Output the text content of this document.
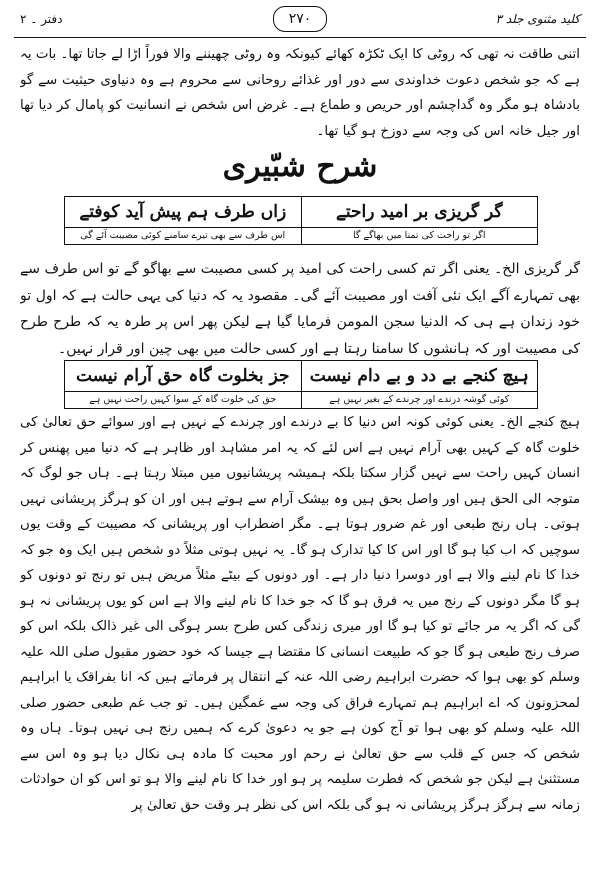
دفتر ۔ ۲	۲۷۰	کلید مثنوی جلد ۳
اتنی طاقت نہ تھی کہ روٹی کا ایک ٹکڑہ کھائے کیونکہ وہ روٹی چھیننے والا فوراً اڑا لے جاتا تھا۔ بات یہ ہے کہ جو شخص دعوت خداوندی سے دور اور غذائے روحانی سے محروم ہے وہ دنیاوی حیثیت سے گو بادشاہ ہو مگر وہ گداچشم اور حریص و طماع ہے۔ غرض اس شخص نے انسانیت کو پامال کر دیا تھا اور جیل خانہ اس کی وجہ سے دوزخ ہو گیا تھا۔
شرح شبّیری
گر گریزی بر امید راحتے
زاں طرف ہم پیش آید کوفتے
اگر تو راحت کی تمنا میں بھاگے گا
اس طرف سے بھی تیرے سامنے کوئی مصیبت آئے گی
گر گریزی الخ۔ یعنی اگر تم کسی راحت کی امید پر کسی مصیبت سے بھاگو گے تو اس طرف سے بھی تمہارے آگے ایک نئی آفت اور مصیبت آئے گی۔ مقصود یہ کہ دنیا کی یہی حالت ہے کہ اول تو خود زندان ہے ہی کہ الدنیا سجن المومن فرمایا گیا ہے لیکن پھر اس پر طرہ یہ کہ طرح طرح کی مصیبت اور کہ ہانشوں کا سامنا رہتا ہے اور کسی حالت میں بھی چین اور قرار نہیں۔
ہیچ کنجے بے دد و بے دام نیست
جز بخلوت گاہ حق آرام نیست
کوئی گوشہ درندے اور چرندے کے بغیر نہیں ہے
حق کی خلوت گاہ کے سوا کہیں راحت نہیں ہے
ہیچ کنجے الخ۔ یعنی کوئی کونہ اس دنیا کا بے درندے اور چرندے کے نہیں ہے اور سوائے حق تعالیٰ کی خلوت گاہ کے کہیں بھی آرام نہیں ہے اس لئے کہ یہ امر مشاہد اور ظاہر ہے کہ دنیا میں پھنس کر انسان کہیں راحت سے نہیں گزار سکتا بلکہ ہمیشہ پریشانیوں میں مبتلا رہتا ہے۔ ہاں جو لوگ کہ متوجہ الی الحق ہیں اور واصل بحق ہیں وہ بیشک آرام سے ہوتے ہیں اور ان کو ہرگز پریشانی نہیں ہوتی۔ ہاں رنج طبعی اور غم ضرور ہوتا ہے۔ مگر اضطراب اور پریشانی کہ مصیبت کے وقت یوں سوچیں کہ اب کیا ہو گا اور اس کا کیا تدارک ہو گا۔ یہ نہیں ہوتی مثلاً دو شخص ہیں ایک وہ جو کہ خدا کا نام لینے والا ہے اور دوسرا دنیا دار ہے۔ اور دونوں کے بیٹے مثلاً مریض ہیں تو رنج تو دونوں کو ہو گا مگر دونوں کے رنج میں یہ فرق ہو گا کہ جو خدا کا نام لینے والا ہے اس کو یوں پریشانی نہ ہو گی کہ اگر یہ مر جائے تو کیا ہو گا اور میری زندگی کس طرح بسر ہوگی الی غیر ذالک بلکہ اس کو صرف رنج طبعی ہو گا جو کہ طبیعت انسانی کا مقتضا ہے جیسا کہ خود حضور مقبول صلی اللہ علیہ وسلم کو بھی ہوا کہ حضرت ابراہیم رضی اللہ عنہ کے انتقال پر فرماتے ہیں کہ انا بفراقک یا ابراہیم لمحزونون کہ اے ابراہیم ہم تمہارے فراق کی وجہ سے غمگین ہیں۔ تو جب غم طبعی حضور صلی اللہ علیہ وسلم کو بھی ہوا تو آج کون ہے جو یہ دعویٰ کرے کہ ہمیں رنج ہی نہیں ہوتا۔ ہاں وہ شخص کہ جس کے قلب سے حق تعالیٰ نے رحم اور محبت کا مادہ ہی نکال دیا ہو وہ اس سے مستثنیٰ ہے لیکن جو شخص کہ فطرت سلیمہ پر ہو اور خدا کا نام لینے والا ہو تو اس کو ان حوادثات زمانہ سے ہرگز ہرگز پریشانی نہ ہو گی بلکہ اس کی نظر ہر وقت حق تعالیٰ پر
